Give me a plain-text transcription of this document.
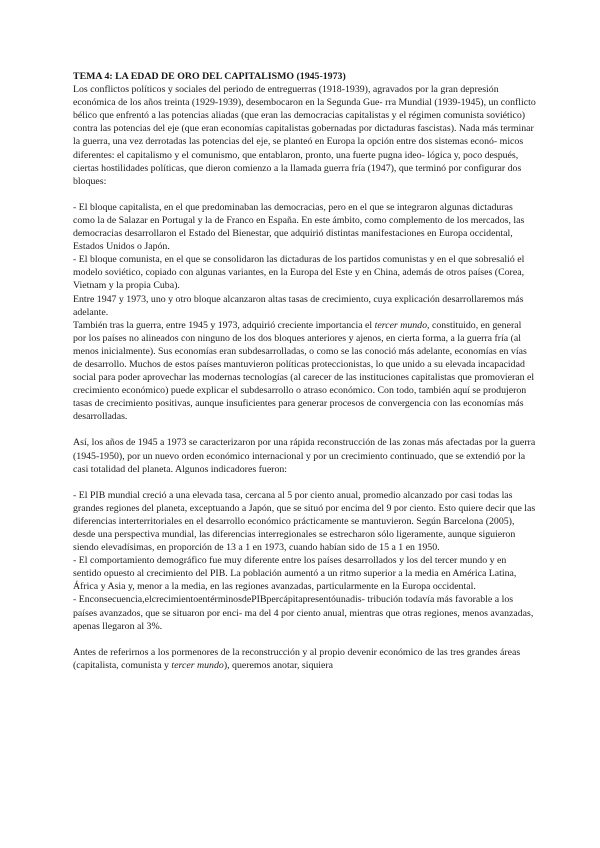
TEMA 4: LA EDAD DE ORO DEL CAPITALISMO (1945-1973)

Los conflictos políticos y sociales del periodo de entreguerras (1918-1939), agravados por la gran depresión económica de los años treinta (1929-1939), desembocaron en la Segunda Gue- rra Mundial (1939-1945), un conflicto bélico que enfrentó a las potencias aliadas (que eran las democracias capitalistas y el régimen comunista soviético) contra las potencias del eje (que eran economías capitalistas gobernadas por dictaduras fascistas). Nada más terminar la guerra, una vez derrotadas las potencias del eje, se planteó en Europa la opción entre dos sistemas econó- micos diferentes: el capitalismo y el comunismo, que entablaron, pronto, una fuerte pugna ideo- lógica y, poco después, ciertas hostilidades políticas, que dieron comienzo a la llamada guerra fría (1947), que terminó por configurar dos bloques:

- El bloque capitalista, en el que predominaban las democracias, pero en el que se integraron algunas dictaduras como la de Salazar en Portugal y la de Franco en España. En este ámbito, como complemento de los mercados, las democracias desarrollaron el Estado del Bienestar, que adquirió distintas manifestaciones en Europa occidental, Estados Unidos o Japón.

- El bloque comunista, en el que se consolidaron las dictaduras de los partidos comunistas y en el que sobresalió el modelo soviético, copiado con algunas variantes, en la Europa del Este y en China, además de otros países (Corea, Vietnam y la propia Cuba).

Entre 1947 y 1973, uno y otro bloque alcanzaron altas tasas de crecimiento, cuya explicación desarrollaremos más adelante.

También tras la guerra, entre 1945 y 1973, adquirió creciente importancia el tercer mundo, constituido, en general por los países no alineados con ninguno de los dos bloques anteriores y ajenos, en cierta forma, a la guerra fría (al menos inicialmente). Sus economías eran subdesarrolladas, o como se las conoció más adelante, economías en vías de desarrollo. Muchos de estos países mantuvieron políticas proteccionistas, lo que unido a su elevada incapacidad social para poder aprovechar las modernas tecnologías (al carecer de las instituciones capitalistas que promovieran el crecimiento económico) puede explicar el subdesarrollo o atraso económico. Con todo, también aquí se produjeron tasas de crecimiento positivas, aunque insuficientes para generar procesos de convergencia con las economías más desarrolladas.

Así, los años de 1945 a 1973 se caracterizaron por una rápida reconstrucción de las zonas más afectadas por la guerra (1945-1950), por un nuevo orden económico internacional y por un crecimiento continuado, que se extendió por la casi totalidad del planeta. Algunos indicadores fueron:

- El PIB mundial creció a una elevada tasa, cercana al 5 por ciento anual, promedio alcanzado por casi todas las grandes regiones del planeta, exceptuando a Japón, que se situó por encima del 9 por ciento. Esto quiere decir que las diferencias interterritoriales en el desarrollo económico prácticamente se mantuvieron. Según Barcelona (2005), desde una perspectiva mundial, las diferencias interregionales se estrecharon sólo ligeramente, aunque siguieron siendo elevadísimas, en proporción de 13 a 1 en 1973, cuando habían sido de 15 a 1 en 1950.

- El comportamiento demográfico fue muy diferente entre los países desarrollados y los del tercer mundo y en sentido opuesto al crecimiento del PIB. La población aumentó a un ritmo superior a la media en América Latina, África y Asia y, menor a la media, en las regiones avanzadas, particularmente en la Europa occidental.

- Enconsecuencia,elcrecimientoentérminosdePIBpercápitapresentóunadis- tribución todavía más favorable a los países avanzados, que se situaron por enci- ma del 4 por ciento anual, mientras que otras regiones, menos avanzadas, apenas llegaron al 3%.

Antes de referirnos a los pormenores de la reconstrucción y al propio devenir económico de las tres grandes áreas (capitalista, comunista y tercer mundo), queremos anotar, siquiera
